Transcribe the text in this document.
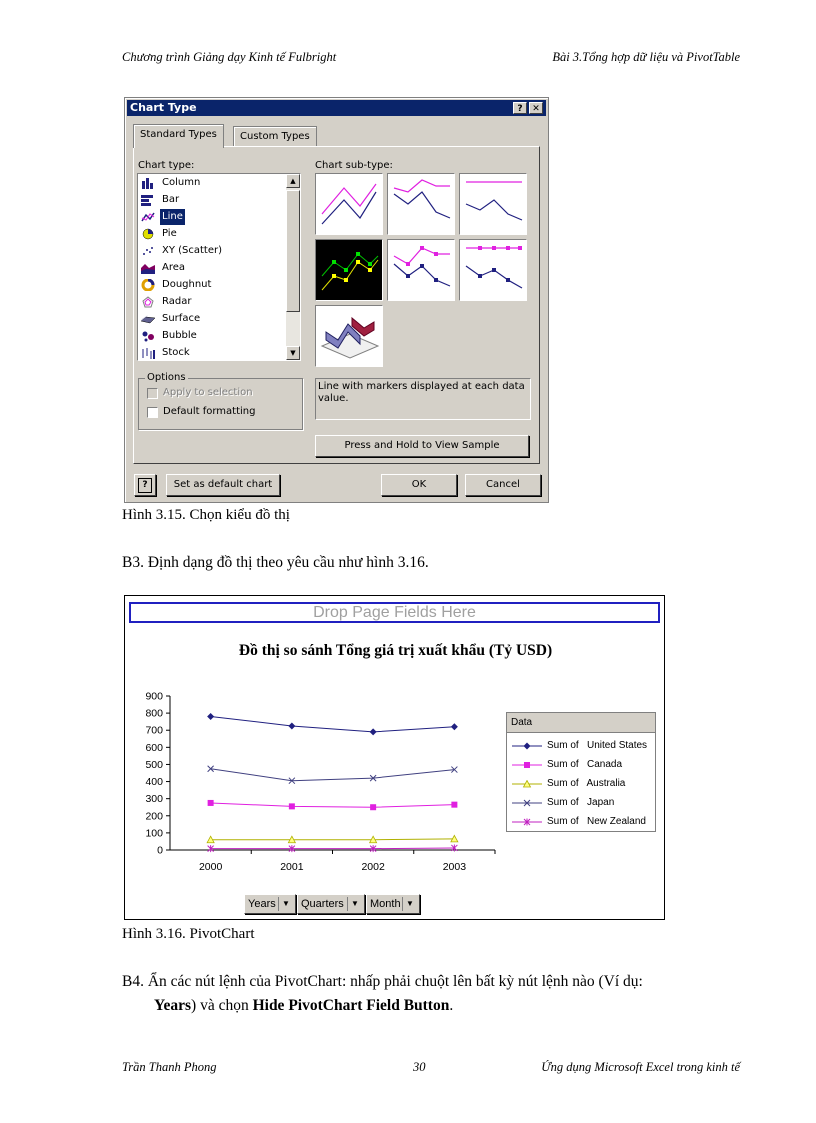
Chương trình Giảng dạy Kinh tế Fulbright	Bài 3.Tổng hợp dữ liệu và PivotTable
Chart Type	?	✕
Standard Types	Custom Types
Chart type:	Chart sub-type:
Column
Bar
Line
Pie
XY (Scatter)
Area
Doughnut
Radar
Surface
Bubble
Stock
▲
▼
Options
Apply to selection
Default formatting
Line with markers displayed at each data value.
Press and Hold to View Sample
?	Set as default chart	OK	Cancel
Hình 3.15. Chọn kiểu đồ thị
B3. Định dạng đồ thị theo yêu cầu như hình 3.16.
Drop Page Fields Here
Đồ thị so sánh Tổng giá trị xuất khẩu (Tỷ USD)
0
100
200
300
400
500
600
700
800
900
2000	2001	2002	2003
Data
Sum of   United States
Sum of   Canada
Sum of   Australia
Sum of   Japan
Sum of   New Zealand
Years ▼	Quarters ▼	Month ▼
Hình 3.16. PivotChart
B4. Ẩn các nút lệnh của PivotChart: nhấp phải chuột lên bất kỳ nút lệnh nào (Ví dụ:
Years) và chọn Hide PivotChart Field Button.
Trần Thanh Phong	30	Ứng dụng Microsoft Excel trong kinh tế
